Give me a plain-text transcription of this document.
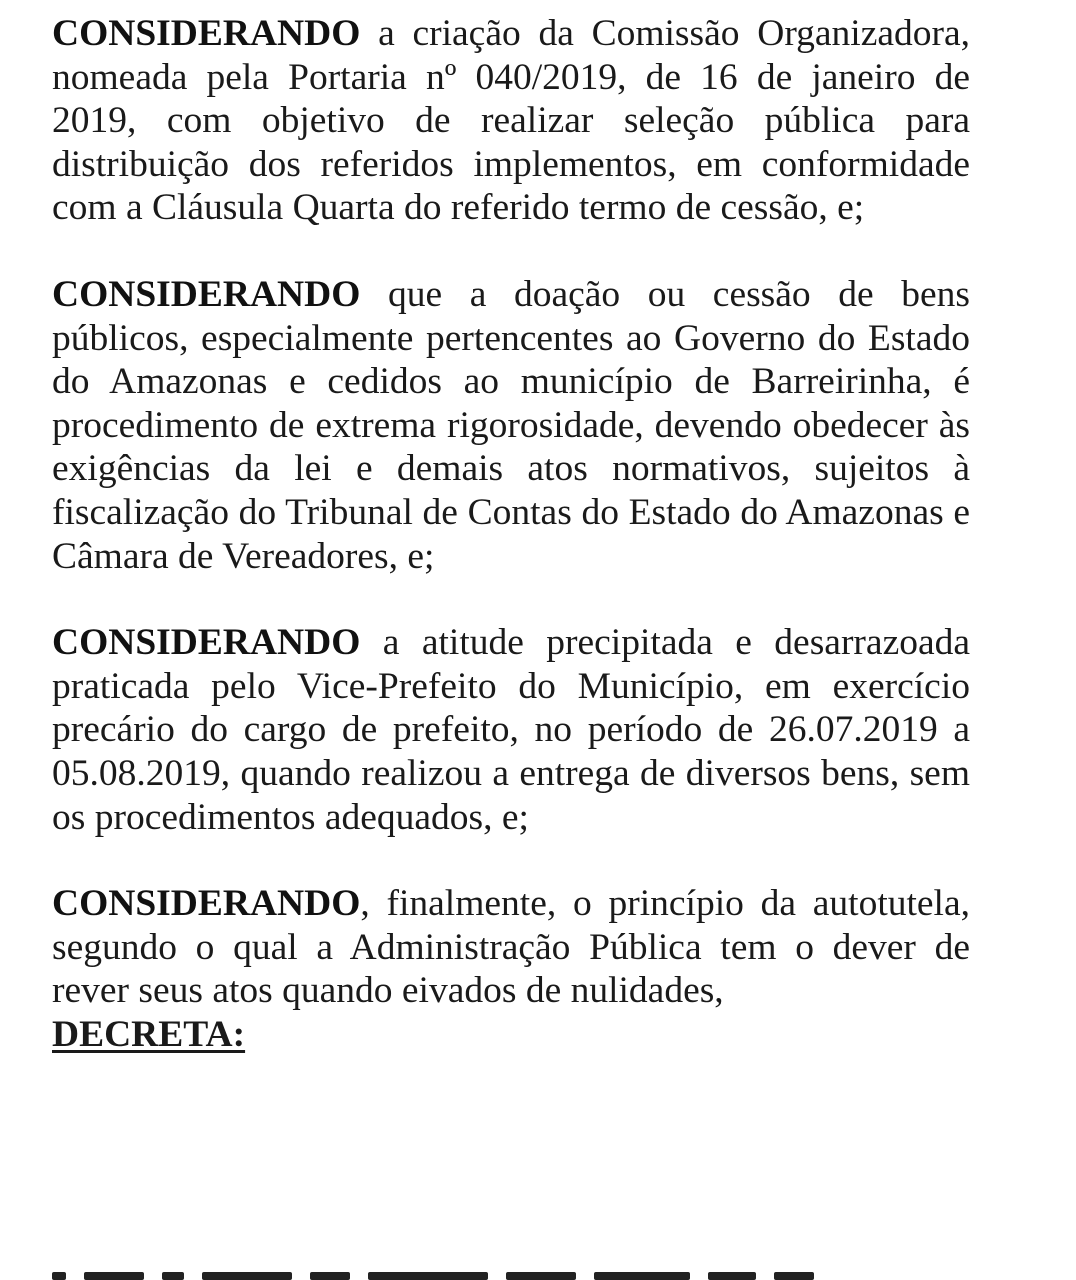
CONSIDERANDO a criação da Comissão Organizadora, nomeada pela Portaria nº 040/2019, de 16 de janeiro de 2019, com objetivo de realizar seleção pública para distribuição dos referidos implementos, em conformidade com a Cláusula Quarta do referido termo de cessão, e;

CONSIDERANDO que a doação ou cessão de bens públicos, especialmente pertencentes ao Governo do Estado do Amazonas e cedidos ao município de Barreirinha, é procedimento de extrema rigorosidade, devendo obedecer às exigências da lei e demais atos normativos, sujeitos à fiscalização do Tribunal de Contas do Estado do Amazonas e Câmara de Vereadores, e;

CONSIDERANDO a atitude precipitada e desarrazoada praticada pelo Vice-Prefeito do Município, em exercício precário do cargo de prefeito, no período de 26.07.2019 a 05.08.2019, quando realizou a entrega de diversos bens, sem os procedimentos adequados, e;

CONSIDERANDO, finalmente, o princípio da autotutela, segundo o qual a Administração Pública tem o dever de rever seus atos quando eivados de nulidades,

DECRETA:
